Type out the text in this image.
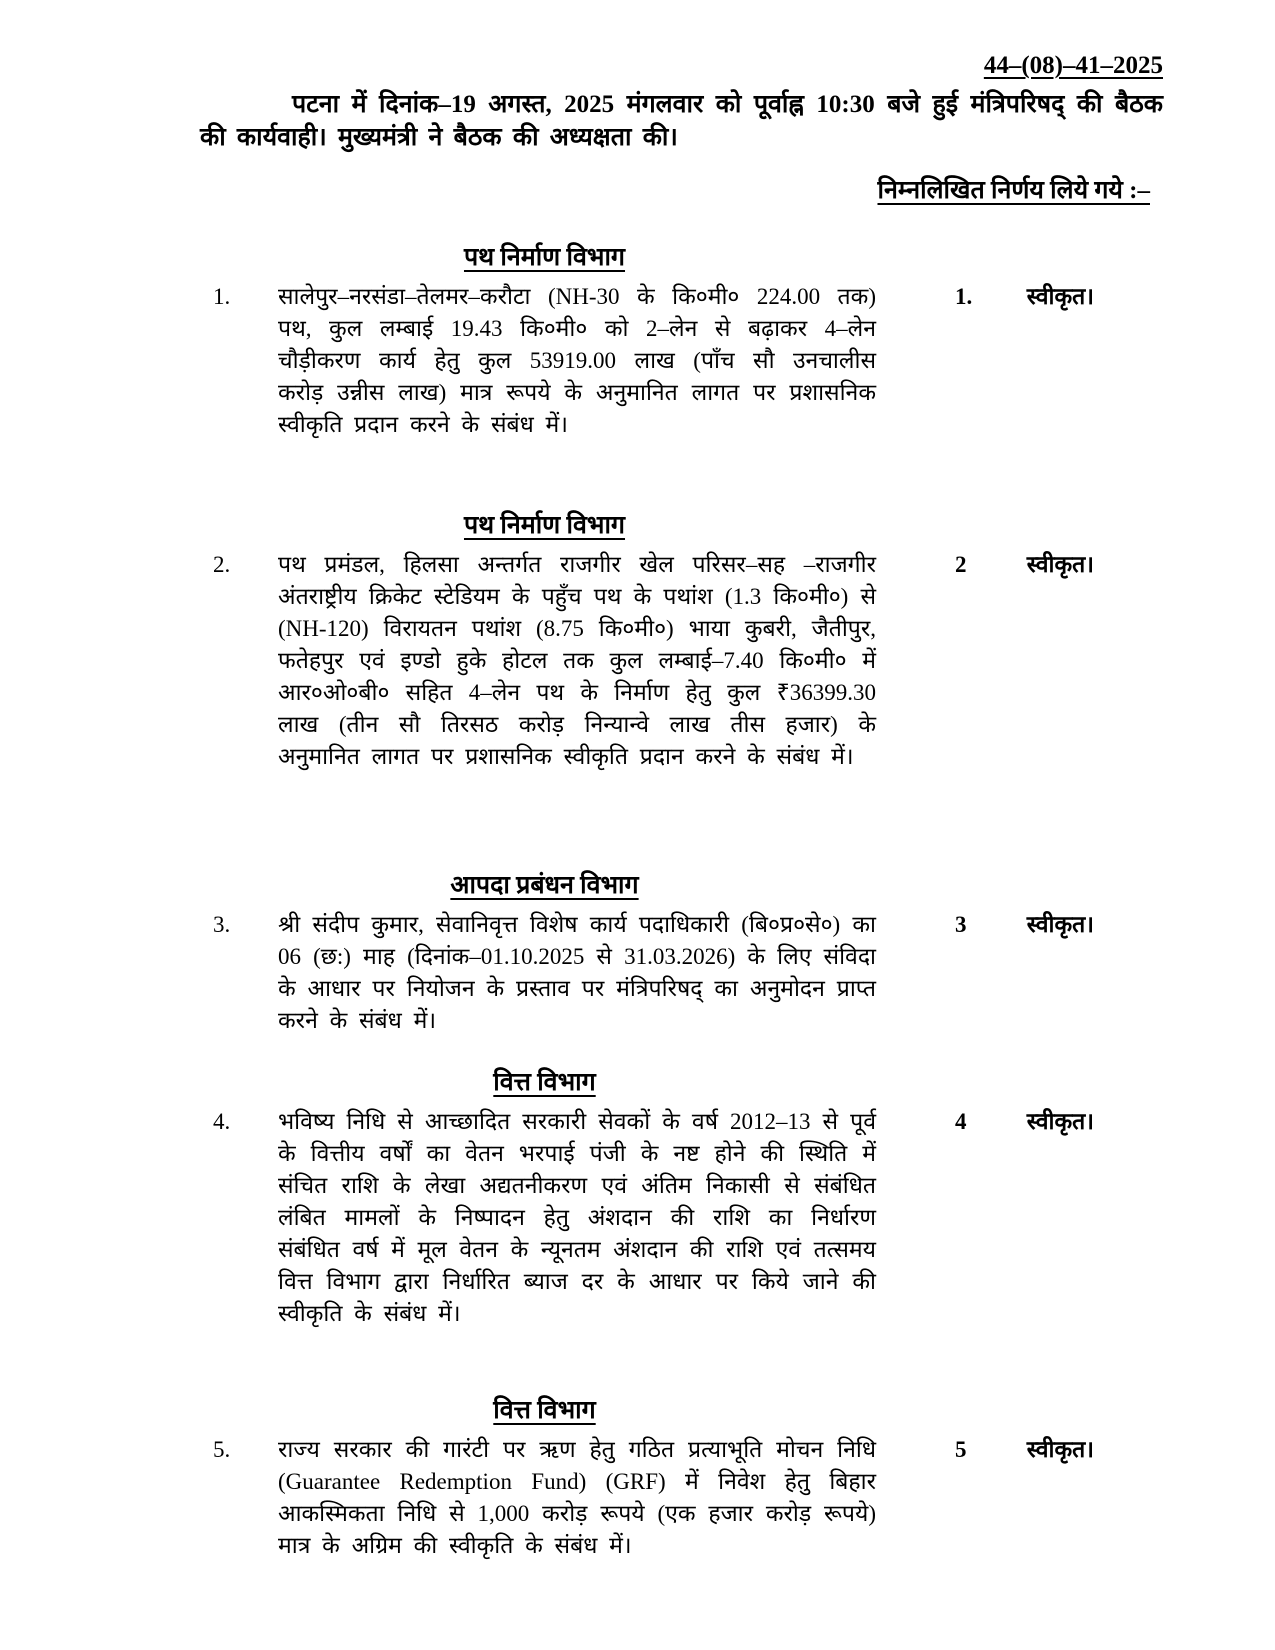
44–(08)–41–2025
पटना में दिनांक–19 अगस्त, 2025 मंगलवार को पूर्वाह्न 10:30 बजे हुई मंत्रिपरिषद् की बैठक की कार्यवाही। मुख्यमंत्री ने बैठक की अध्यक्षता की।
निम्नलिखित निर्णय लिये गये :–
पथ निर्माण विभाग
1. सालेपुर–नरसंडा–तेलमर–करौटा (NH-30 के कि०मी० 224.00 तक) पथ, कुल लम्बाई 19.43 कि०मी० को 2–लेन से बढ़ाकर 4–लेन चौड़ीकरण कार्य हेतु कुल 53919.00 लाख (पाँच सौ उनचालीस करोड़ उन्नीस लाख) मात्र रूपये के अनुमानित लागत पर प्रशासनिक स्वीकृति प्रदान करने के संबंध में।
1. स्वीकृत।
पथ निर्माण विभाग
2. पथ प्रमंडल, हिलसा अन्तर्गत राजगीर खेल परिसर–सह –राजगीर अंतराष्ट्रीय क्रिकेट स्टेडियम के पहुँच पथ के पथांश (1.3 कि०मी०) से (NH-120) विरायतन पथांश (8.75 कि०मी०) भाया कुबरी, जैतीपुर, फतेहपुर एवं इण्डो हुके होटल तक कुल लम्बाई–7.40 कि०मी० में आर०ओ०बी० सहित 4–लेन पथ के निर्माण हेतु कुल ₹36399.30 लाख (तीन सौ तिरसठ करोड़ निन्यान्वे लाख तीस हजार) के अनुमानित लागत पर प्रशासनिक स्वीकृति प्रदान करने के संबंध में।
2	स्वीकृत।
आपदा प्रबंधन विभाग
3. श्री संदीप कुमार, सेवानिवृत्त विशेष कार्य पदाधिकारी (बि०प्र०से०) का 06 (छ:) माह (दिनांक–01.10.2025 से 31.03.2026) के लिए संविदा के आधार पर नियोजन के प्रस्ताव पर मंत्रिपरिषद् का अनुमोदन प्राप्त करने के संबंध में।
3	स्वीकृत।
वित्त विभाग
4. भविष्य निधि से आच्छादित सरकारी सेवकों के वर्ष 2012–13 से पूर्व के वित्तीय वर्षों का वेतन भरपाई पंजी के नष्ट होने की स्थिति में संचित राशि के लेखा अद्यतनीकरण एवं अंतिम निकासी से संबंधित लंबित मामलों के निष्पादन हेतु अंशदान की राशि का निर्धारण संबंधित वर्ष में मूल वेतन के न्यूनतम अंशदान की राशि एवं तत्समय वित्त विभाग द्वारा निर्धारित ब्याज दर के आधार पर किये जाने की स्वीकृति के संबंध में।
4	स्वीकृत।
वित्त विभाग
5. राज्य सरकार की गारंटी पर ऋण हेतु गठित प्रत्याभूति मोचन निधि (Guarantee Redemption Fund) (GRF) में निवेश हेतु बिहार आकस्मिकता निधि से 1,000 करोड़ रूपये (एक हजार करोड़ रूपये) मात्र के अग्रिम की स्वीकृति के संबंध में।
5	स्वीकृत।
